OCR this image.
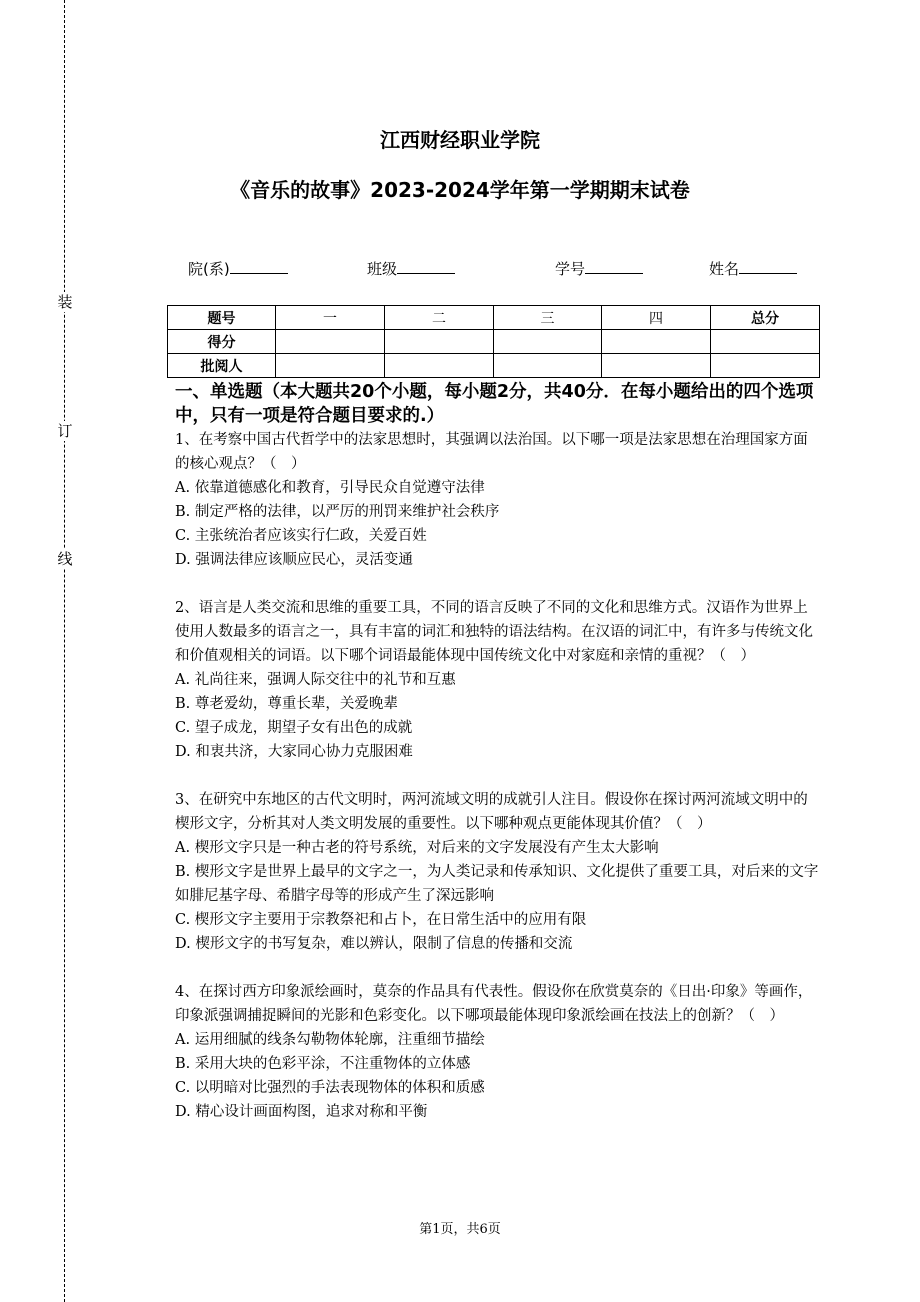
装
订
线
江西财经职业学院
《音乐的故事》2023-2024学年第一学期期末试卷
院(系)	班级	学号	姓名
题号	一	二	三	四	总分
得分					
批阅人					
一、单选题（本大题共20个小题，每小题2分，共40分．在每小题给出的四个选项中，只有一项是符合题目要求的.）

1、在考察中国古代哲学中的法家思想时，其强调以法治国。以下哪一项是法家思想在治理国家方面的核心观点？（　）

A. 依靠道德感化和教育，引导民众自觉遵守法律

B. 制定严格的法律，以严厉的刑罚来维护社会秩序

C. 主张统治者应该实行仁政，关爱百姓

D. 强调法律应该顺应民心，灵活变通

2、语言是人类交流和思维的重要工具，不同的语言反映了不同的文化和思维方式。汉语作为世界上使用人数最多的语言之一，具有丰富的词汇和独特的语法结构。在汉语的词汇中，有许多与传统文化和价值观相关的词语。以下哪个词语最能体现中国传统文化中对家庭和亲情的重视？（　）

A. 礼尚往来，强调人际交往中的礼节和互惠

B. 尊老爱幼，尊重长辈，关爱晚辈

C. 望子成龙，期望子女有出色的成就

D. 和衷共济，大家同心协力克服困难

3、在研究中东地区的古代文明时，两河流域文明的成就引人注目。假设你在探讨两河流域文明中的楔形文字，分析其对人类文明发展的重要性。以下哪种观点更能体现其价值？（　）

A. 楔形文字只是一种古老的符号系统，对后来的文字发展没有产生太大影响

B. 楔形文字是世界上最早的文字之一，为人类记录和传承知识、文化提供了重要工具，对后来的文字如腓尼基字母、希腊字母等的形成产生了深远影响

C. 楔形文字主要用于宗教祭祀和占卜，在日常生活中的应用有限

D. 楔形文字的书写复杂，难以辨认，限制了信息的传播和交流

4、在探讨西方印象派绘画时，莫奈的作品具有代表性。假设你在欣赏莫奈的《日出·印象》等画作，印象派强调捕捉瞬间的光影和色彩变化。以下哪项最能体现印象派绘画在技法上的创新？（　）

A. 运用细腻的线条勾勒物体轮廓，注重细节描绘

B. 采用大块的色彩平涂，不注重物体的立体感

C. 以明暗对比强烈的手法表现物体的体积和质感

D. 精心设计画面构图，追求对称和平衡

第1页，共6页
